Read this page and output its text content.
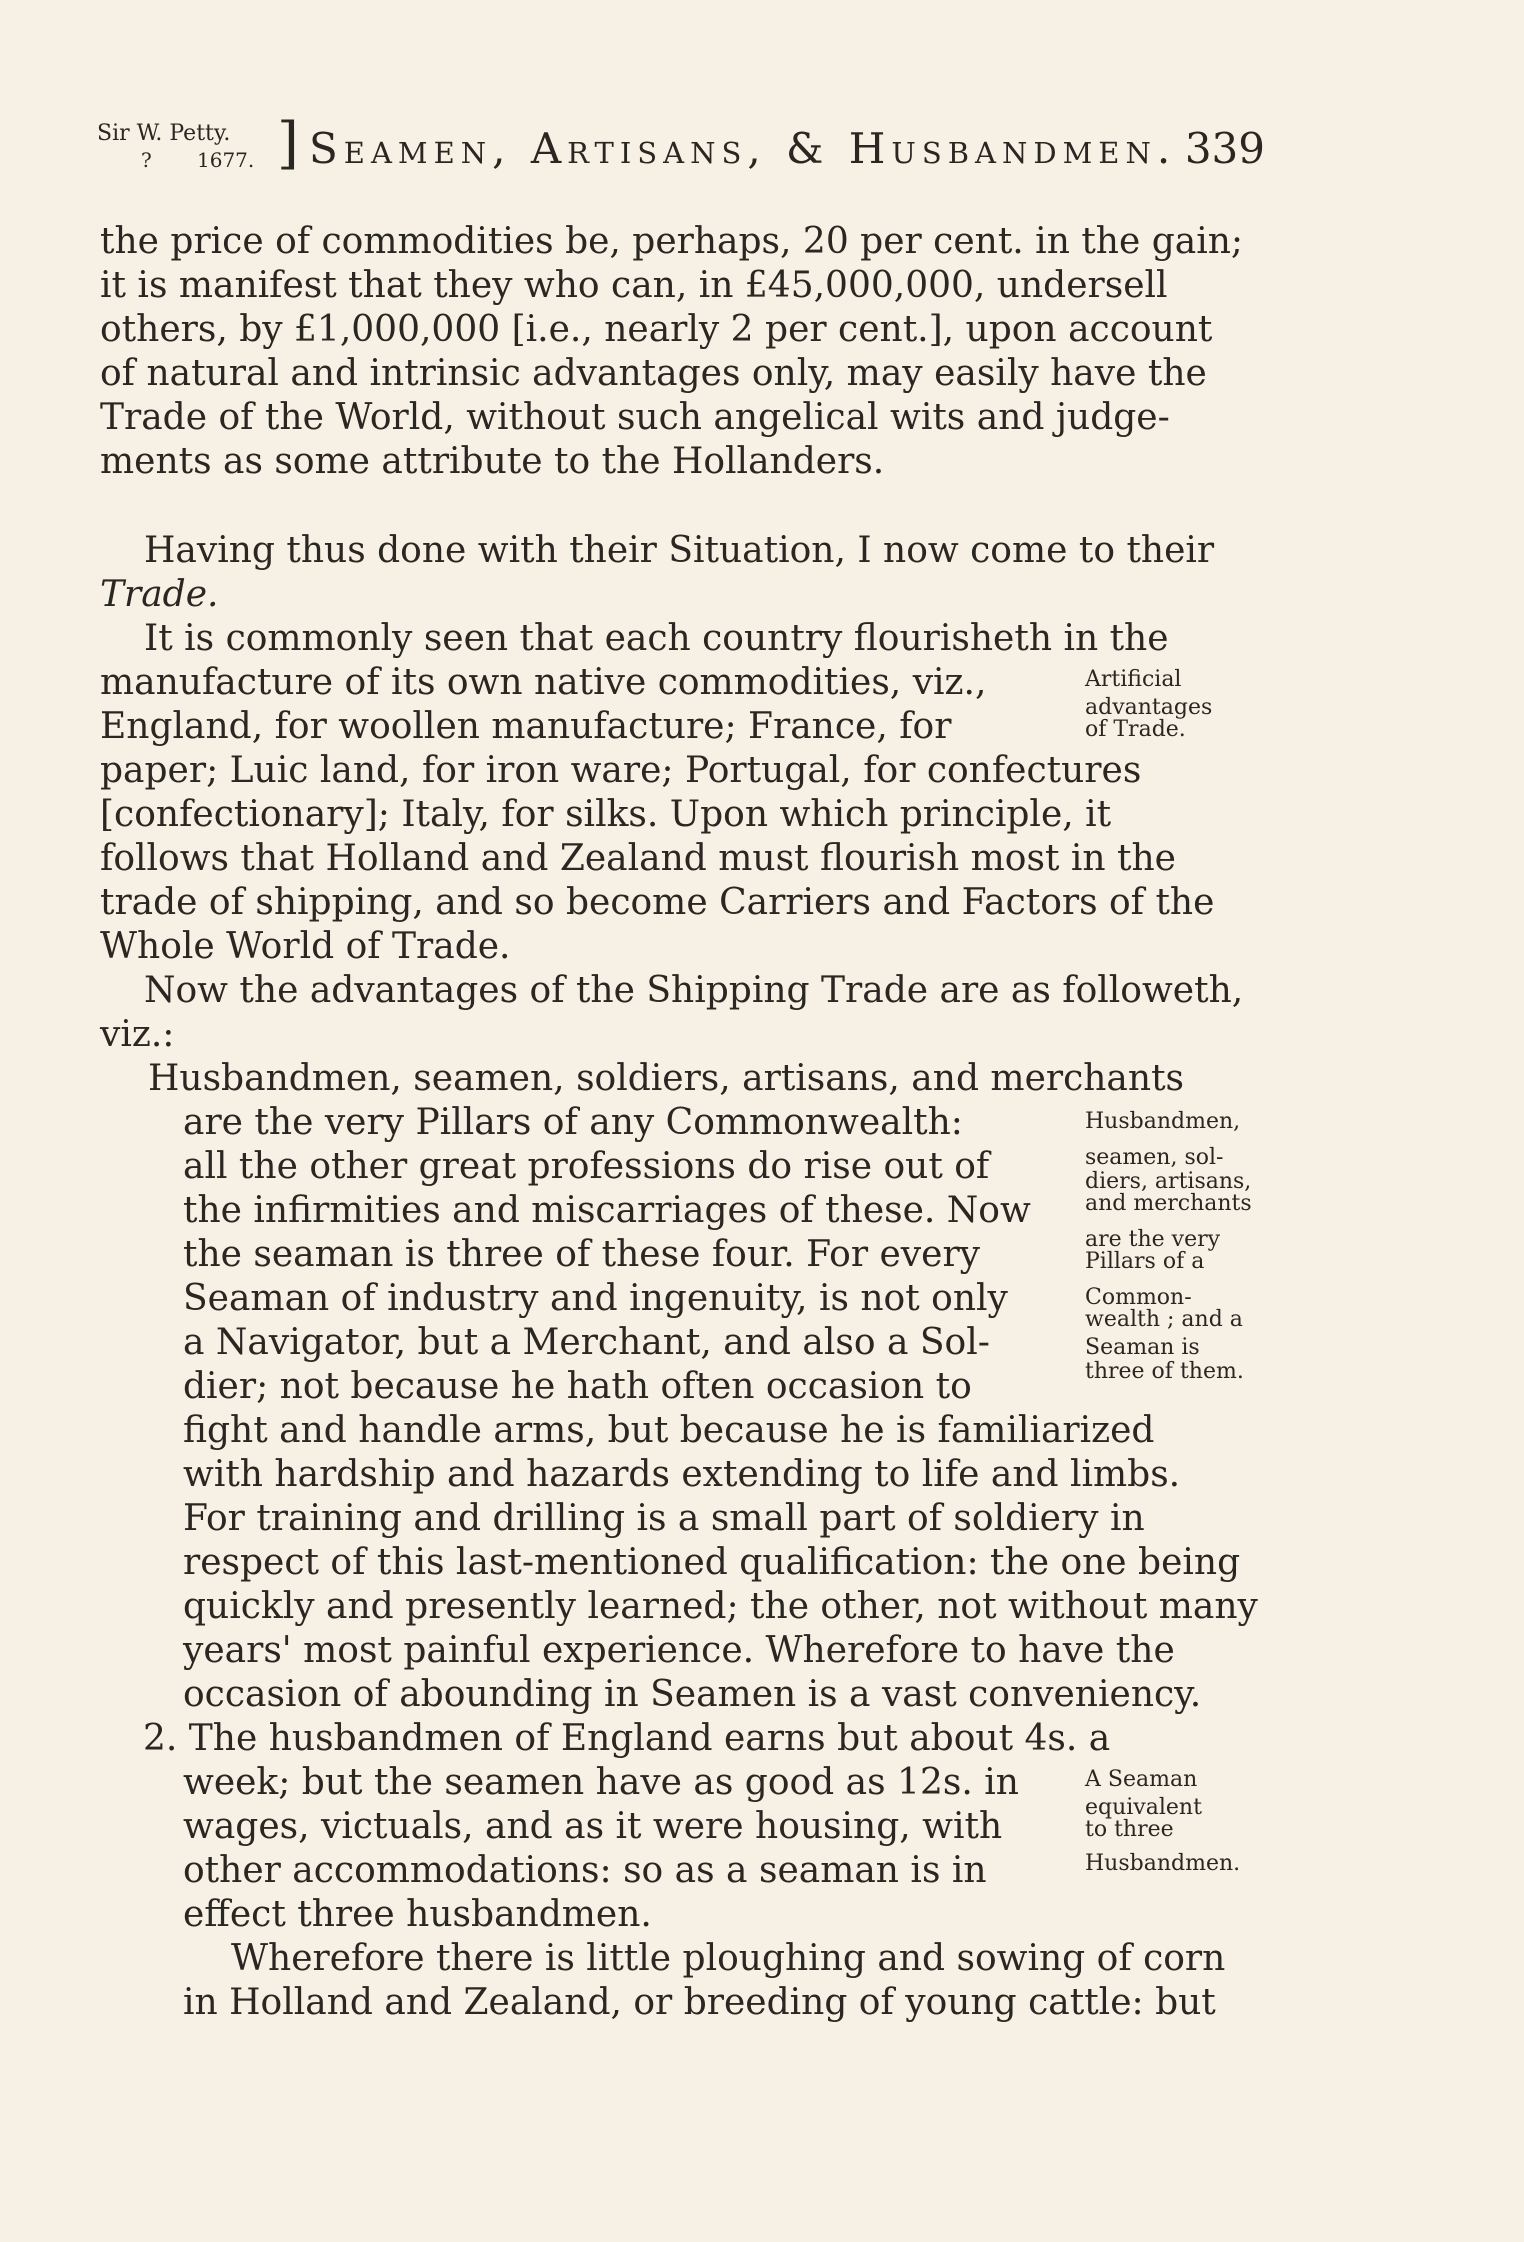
Sir W. Petty.
? 1677. ] Seamen, Artisans, & Husbandmen. 339
the price of commodities be, perhaps, 20 per cent. in the gain;
it is manifest that they who can, in £45,000,000, undersell
others, by £1,000,000 [i.e., nearly 2 per cent.], upon account
of natural and intrinsic advantages only, may easily have the
Trade of the World, without such angelical wits and judge-
ments as some attribute to the Hollanders.
Having thus done with their Situation, I now come to their
Trade.
It is commonly seen that each country flourisheth in the
manufacture of its own native commodities, viz.,
England, for woollen manufacture; France, for
paper; Luic land, for iron ware; Portugal, for confectures
[confectionary]; Italy, for silks. Upon which principle, it
follows that Holland and Zealand must flourish most in the
trade of shipping, and so become Carriers and Factors of the
Whole World of Trade.
Now the advantages of the Shipping Trade are as followeth,
viz.:
Husbandmen, seamen, soldiers, artisans, and merchants
are the very Pillars of any Commonwealth:
all the other great professions do rise out of
the infirmities and miscarriages of these. Now
the seaman is three of these four. For every
Seaman of industry and ingenuity, is not only
a Navigator, but a Merchant, and also a Sol-
dier; not because he hath often occasion to
fight and handle arms, but because he is familiarized
with hardship and hazards extending to life and limbs.
For training and drilling is a small part of soldiery in
respect of this last-mentioned qualification: the one being
quickly and presently learned; the other, not without many
years' most painful experience. Wherefore to have the
occasion of abounding in Seamen is a vast conveniency.
2. The husbandmen of England earns but about 4s. a
week; but the seamen have as good as 12s. in
wages, victuals, and as it were housing, with
other accommodations: so as a seaman is in
effect three husbandmen.
Wherefore there is little ploughing and sowing of corn
in Holland and Zealand, or breeding of young cattle: but
Artificial
advantages
of Trade.
Husbandmen,
seamen, sol-
diers, artisans,
and merchants
are the very
Pillars of a
Common-
wealth ; and a
Seaman is
three of them.
A Seaman
equivalent
to three
Husbandmen.
